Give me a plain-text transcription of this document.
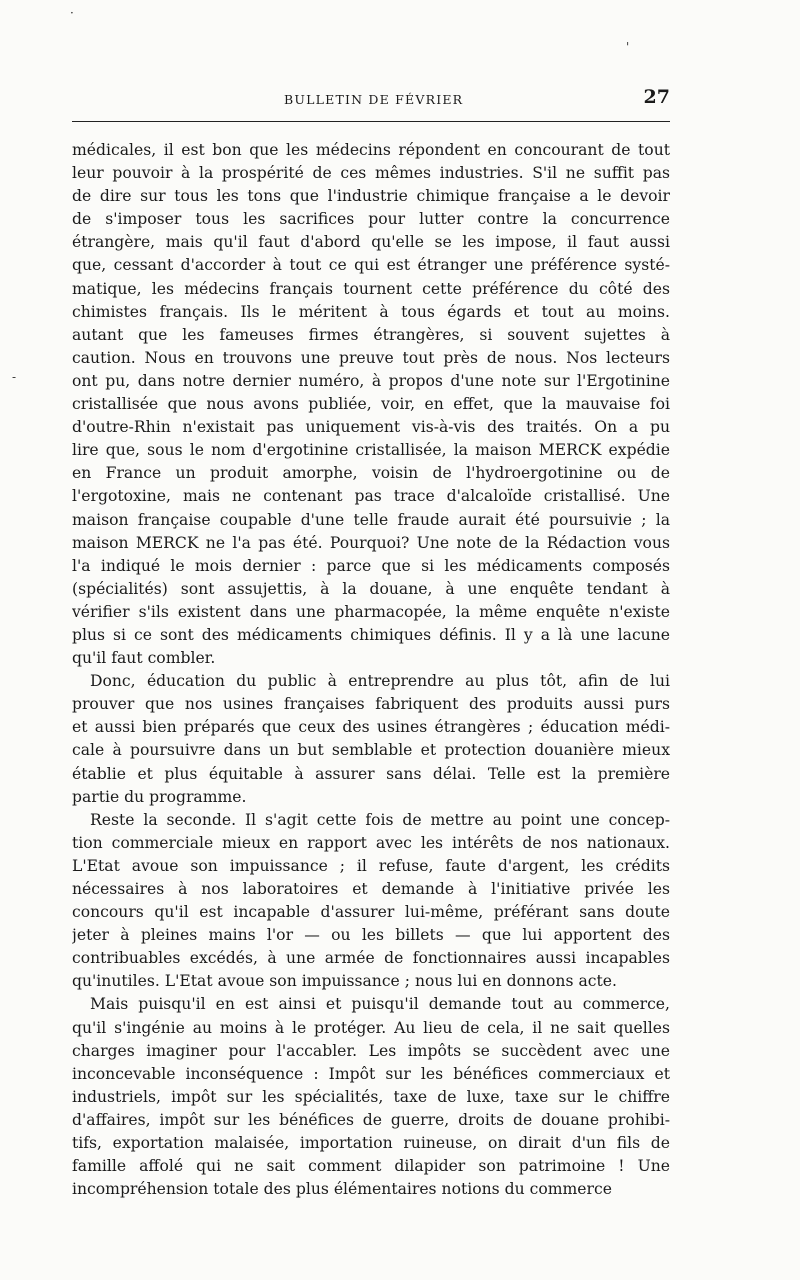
BULLETIN DE FÉVRIER	27
·
'
-
médicales, il est bon que les médecins répondent en concourant de tout
leur pouvoir à la prospérité de ces mêmes industries. S'il ne suffit pas
de dire sur tous les tons que l'industrie chimique française a le devoir
de s'imposer tous les sacrifices pour lutter contre la concurrence
étrangère, mais qu'il faut d'abord qu'elle se les impose, il faut aussi
que, cessant d'accorder à tout ce qui est étranger une préférence systé-
matique, les médecins français tournent cette préférence du côté des
chimistes français. Ils le méritent à tous égards et tout au moins.
autant que les fameuses firmes étrangères, si souvent sujettes à
caution. Nous en trouvons une preuve tout près de nous. Nos lecteurs
ont pu, dans notre dernier numéro, à propos d'une note sur l'Ergotinine
cristallisée que nous avons publiée, voir, en effet, que la mauvaise foi
d'outre-Rhin n'existait pas uniquement vis-à-vis des traités. On a pu
lire que, sous le nom d'ergotinine cristallisée, la maison MERCK expédie
en France un produit amorphe, voisin de l'hydroergotinine ou de
l'ergotoxine, mais ne contenant pas trace d'alcaloïde cristallisé. Une
maison française coupable d'une telle fraude aurait été poursuivie ; la
maison MERCK ne l'a pas été. Pourquoi? Une note de la Rédaction vous
l'a indiqué le mois dernier : parce que si les médicaments composés
(spécialités) sont assujettis, à la douane, à une enquête tendant à
vérifier s'ils existent dans une pharmacopée, la même enquête n'existe
plus si ce sont des médicaments chimiques définis. Il y a là une lacune
qu'il faut combler.
Donc, éducation du public à entreprendre au plus tôt, afin de lui
prouver que nos usines françaises fabriquent des produits aussi purs
et aussi bien préparés que ceux des usines étrangères ; éducation médi-
cale à poursuivre dans un but semblable et protection douanière mieux
établie et plus équitable à assurer sans délai. Telle est la première
partie du programme.
Reste la seconde. Il s'agit cette fois de mettre au point une concep-
tion commerciale mieux en rapport avec les intérêts de nos nationaux.
L'Etat avoue son impuissance ; il refuse, faute d'argent, les crédits
nécessaires à nos laboratoires et demande à l'initiative privée les
concours qu'il est incapable d'assurer lui-même, préférant sans doute
jeter à pleines mains l'or — ou les billets — que lui apportent des
contribuables excédés, à une armée de fonctionnaires aussi incapables
qu'inutiles. L'Etat avoue son impuissance ; nous lui en donnons acte.
Mais puisqu'il en est ainsi et puisqu'il demande tout au commerce,
qu'il s'ingénie au moins à le protéger. Au lieu de cela, il ne sait quelles
charges imaginer pour l'accabler. Les impôts se succèdent avec une
inconcevable inconséquence : Impôt sur les bénéfices commerciaux et
industriels, impôt sur les spécialités, taxe de luxe, taxe sur le chiffre
d'affaires, impôt sur les bénéfices de guerre, droits de douane prohibi-
tifs, exportation malaisée, importation ruineuse, on dirait d'un fils de
famille affolé qui ne sait comment dilapider son patrimoine ! Une
incompréhension totale des plus élémentaires notions du commerce
